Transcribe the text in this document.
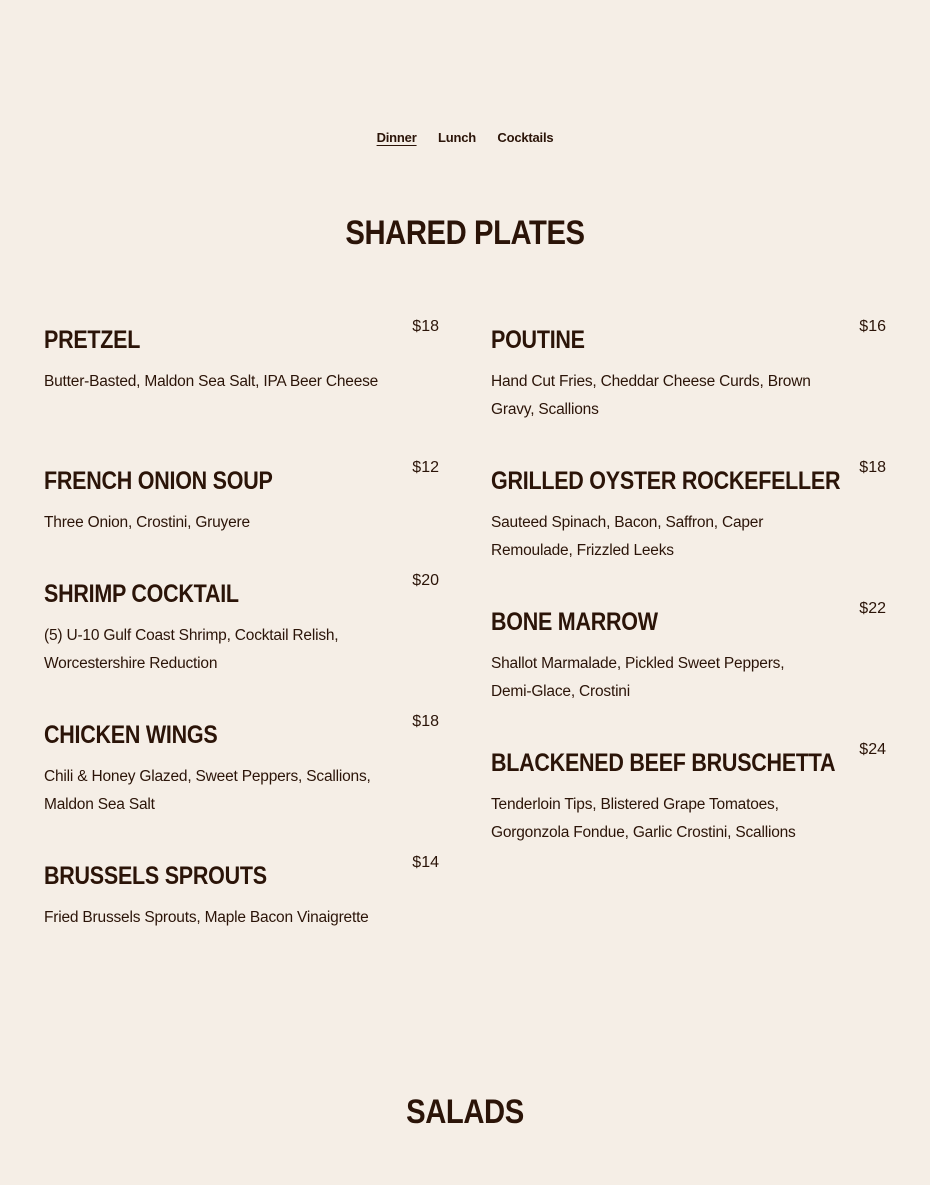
Dinner Lunch Cocktails
SHARED PLATES
PRETZEL	$18

Butter-Basted, Maldon Sea Salt, IPA Beer Cheese

FRENCH ONION SOUP	$12

Three Onion, Crostini, Gruyere

SHRIMP COCKTAIL	$20

(5) U-10 Gulf Coast Shrimp, Cocktail Relish, Worcestershire Reduction

CHICKEN WINGS	$18

Chili & Honey Glazed, Sweet Peppers, Scallions, Maldon Sea Salt

BRUSSELS SPROUTS	$14

Fried Brussels Sprouts, Maple Bacon Vinaigrette

POUTINE	$16

Hand Cut Fries, Cheddar Cheese Curds, Brown Gravy, Scallions

GRILLED OYSTER ROCKEFELLER $18

Sauteed Spinach, Bacon, Saffron, Caper Remoulade, Frizzled Leeks

BONE MARROW	$22

Shallot Marmalade, Pickled Sweet Peppers, Demi-Glace, Crostini

BLACKENED BEEF BRUSCHETTA $24

Tenderloin Tips, Blistered Grape Tomatoes, Gorgonzola Fondue, Garlic Crostini, Scallions

SALADS
